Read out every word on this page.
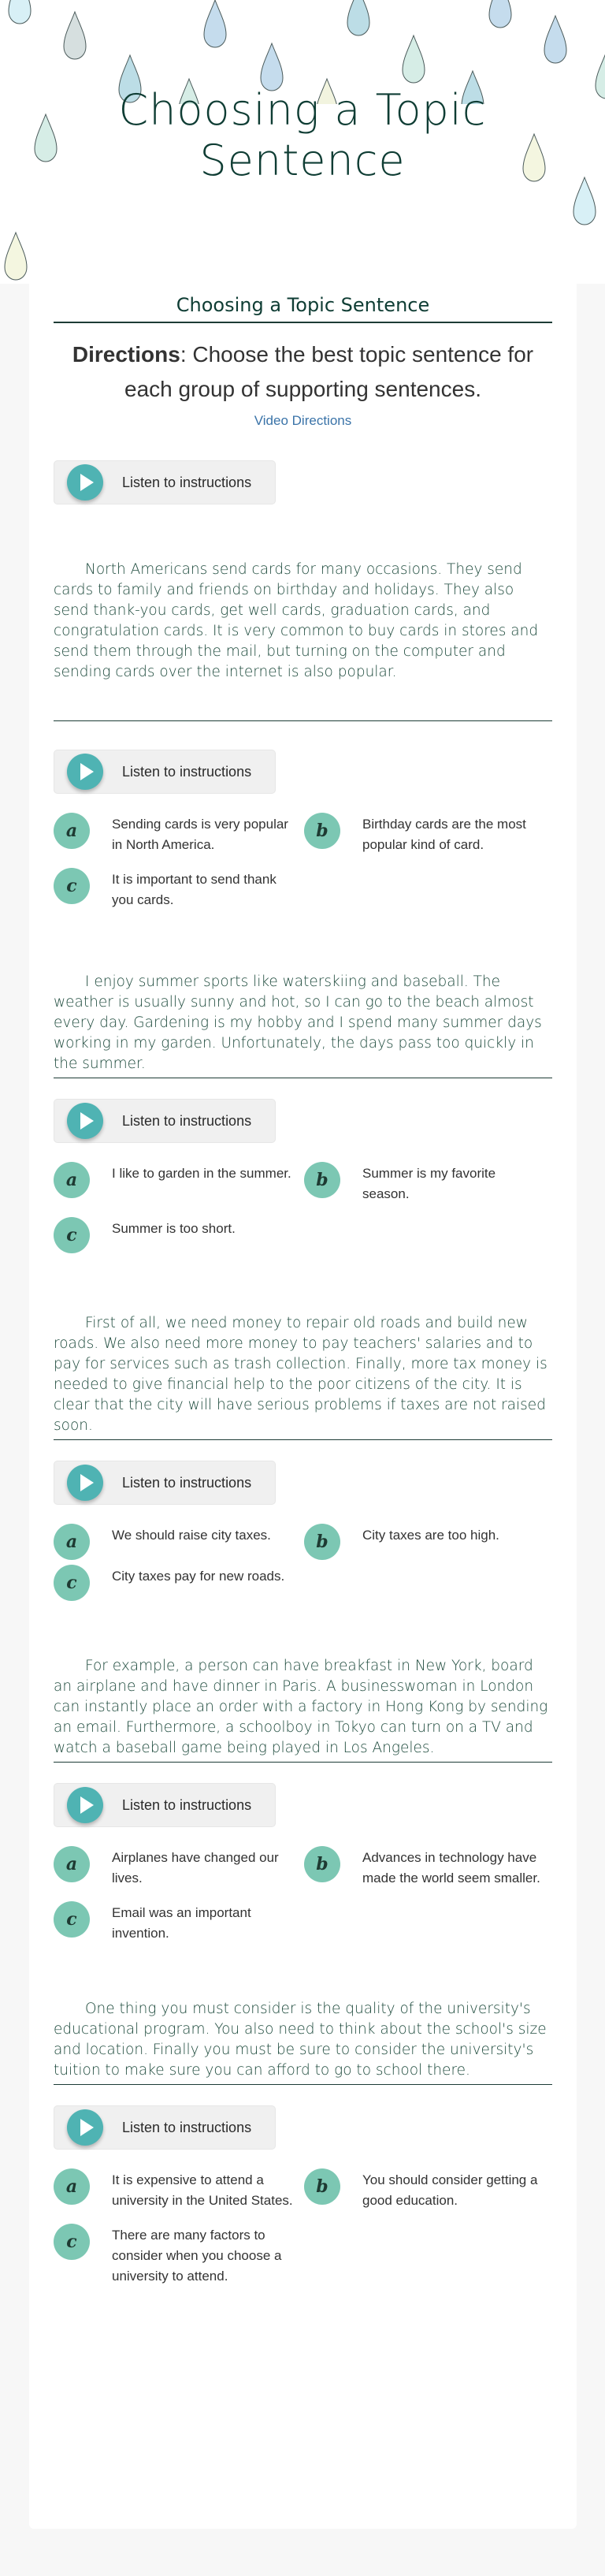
Choosing a Topic
Sentence
Choosing a Topic Sentence
Directions: Choose the best topic sentence for each group of supporting sentences.
Video Directions
Listen to instructions

North Americans send cards for many occasions. They send cards to family and friends on birthday and holidays. They also send thank-you cards, get well cards, graduation cards, and congratulation cards. It is very common to buy cards in stores and send them through the mail, but turning on the computer and sending cards over the internet is also popular.

Listen to instructions
a	Sending cards is very popular in North America.
b	Birthday cards are the most popular kind of card.
c	It is important to send thank you cards.

I enjoy summer sports like waterskiing and baseball. The weather is usually sunny and hot, so I can go to the beach almost every day. Gardening is my hobby and I spend many summer days working in my garden. Unfortunately, the days pass too quickly in the summer.

Listen to instructions
a	I like to garden in the summer.	b	Summer is my favorite season.
c	Summer is too short.

First of all, we need money to repair old roads and build new roads. We also need more money to pay teachers' salaries and to pay for services such as trash collection. Finally, more tax money is needed to give financial help to the poor citizens of the city. It is clear that the city will have serious problems if taxes are not raised soon.

Listen to instructions
a	We should raise city taxes.	b	City taxes are too high.
c	City taxes pay for new roads.

For example, a person can have breakfast in New York, board an airplane and have dinner in Paris. A businesswoman in London can instantly place an order with a factory in Hong Kong by sending an email. Furthermore, a schoolboy in Tokyo can turn on a TV and watch a baseball game being played in Los Angeles.

Listen to instructions
a	Airplanes have changed our lives.
b	Advances in technology have made the world seem smaller.
c	Email was an important invention.

One thing you must consider is the quality of the university's educational program. You also need to think about the school's size and location. Finally you must be sure to consider the university's tuition to make sure you can afford to go to school there.

Listen to instructions
a	It is expensive to attend a university in the United States.
b	You should consider getting a good education.
c	There are many factors to consider when you choose a university to attend.
